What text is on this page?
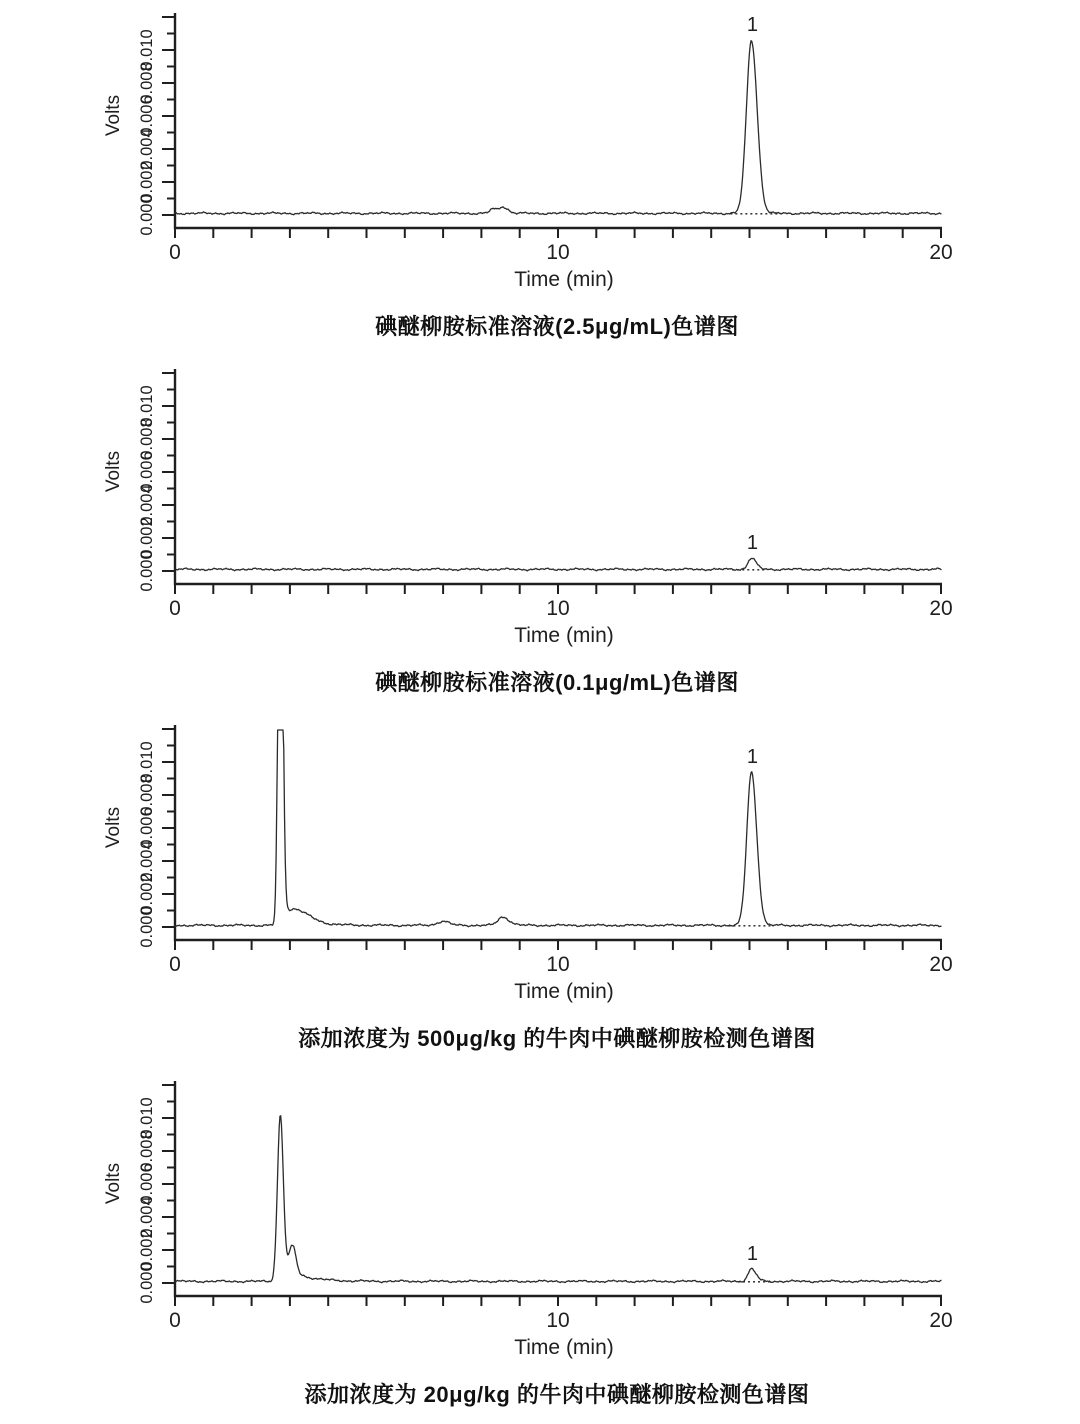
0	10	20
Time (min)
0.000
0.002
0.004
0.006
0.008
0.010
Volts
1
碘醚柳胺标准溶液(2.5μg/mL)色谱图
0	10	20
Time (min)
0.000
0.002
0.004
0.006
0.008
0.010
Volts
1
碘醚柳胺标准溶液(0.1μg/mL)色谱图
0	10	20
Time (min)
0.000
0.002
0.004
0.006
0.008
0.010
Volts
1
添加浓度为 500μg/kg 的牛肉中碘醚柳胺检测色谱图
0	10	20
Time (min)
0.000
0.002
0.004
0.006
0.008
0.010
Volts
1
添加浓度为 20μg/kg 的牛肉中碘醚柳胺检测色谱图
